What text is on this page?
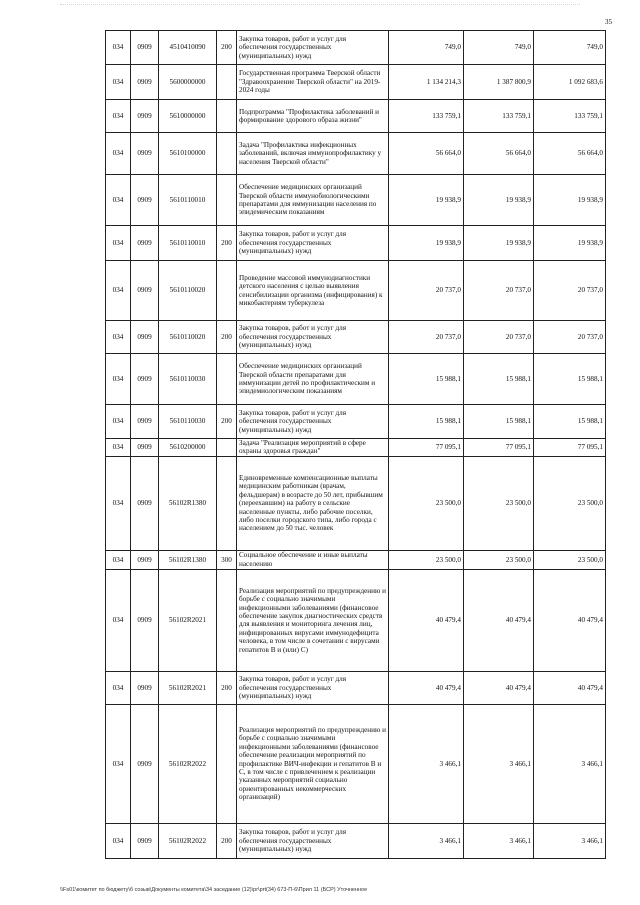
35
034	0909	4510410090	200	Закупка товаров, работ и услуг для обеспечения государственных (муниципальных) нужд	749,0	749,0	749,0
034	0909	5600000000		Государственная программа Тверской области "Здравоохранение Тверской области" на 2019-2024 годы	1 134 214,3	1 387 800,9	1 092 683,6
034	0909	5610000000		Подпрограмма "Профилактика заболеваний и формирование здорового образа жизни"	133 759,1	133 759,1	133 759,1
034	0909	5610100000		Задача "Профилактика инфекционных заболеваний, включая иммунопрофилактику у населения Тверской области"	56 664,0	56 664,0	56 664,0
034	0909	5610110010		Обеспечение медицинских организаций Тверской области иммунобиологическими препаратами для иммунизации населения по эпидемическим показаниям	19 938,9	19 938,9	19 938,9
034	0909	5610110010	200	Закупка товаров, работ и услуг для обеспечения государственных (муниципальных) нужд	19 938,9	19 938,9	19 938,9
034	0909	5610110020		Проведение массовой иммунодиагностики детского населения с целью выявления сенсибилизации организма (инфицирования) к микобактериям туберкулеза	20 737,0	20 737,0	20 737,0
034	0909	5610110020	200	Закупка товаров, работ и услуг для обеспечения государственных (муниципальных) нужд	20 737,0	20 737,0	20 737,0
034	0909	5610110030		Обеспечение медицинских организаций Тверской области препаратами для иммунизации детей по профилактическим и эпидемиологическим показаниям	15 988,1	15 988,1	15 988,1
034	0909	5610110030	200	Закупка товаров, работ и услуг для обеспечения государственных (муниципальных) нужд	15 988,1	15 988,1	15 988,1
034	0909	5610200000		Задача "Реализация мероприятий в сфере охраны здоровья граждан"	77 095,1	77 095,1	77 095,1
034	0909	56102R1380		Единовременные компенсационные выплаты медицинским работникам (врачам, фельдшерам) в возрасте до 50 лет, прибывшим (переехавшим) на работу в сельские населенные пункты, либо рабочие поселки, либо поселки городского типа, либо города с населением до 50 тыс. человек	23 500,0	23 500,0	23 500,0
034	0909	56102R1380	300	Социальное обеспечение и иные выплаты населению	23 500,0	23 500,0	23 500,0
034	0909	56102R2021		Реализация мероприятий по предупреждению и борьбе с социально значимыми инфекционными заболеваниями (финансовое обеспечение закупок диагностических средств для выявления и мониторинга лечения лиц, инфицированных вирусами иммунодефицита человека, в том числе в сочетании с вирусами гепатитов В и (или) С)	40 479,4	40 479,4	40 479,4
034	0909	56102R2021	200	Закупка товаров, работ и услуг для обеспечения государственных (муниципальных) нужд	40 479,4	40 479,4	40 479,4
034	0909	56102R2022		Реализация мероприятий по предупреждению и борьбе с социально значимыми инфекционными заболеваниями (финансовое обеспечение реализации мероприятий по профилактике ВИЧ-инфекции и гепатитов В и С, в том числе с привлечением к реализации указанных мероприятий социально ориентированных некоммерческих организаций)	3 466,1	3 466,1	3 466,1
034	0909	56102R2022	200	Закупка товаров, работ и услуг для обеспечения государственных (муниципальных) нужд	3 466,1	3 466,1	3 466,1
\\Fs01\комитет по бюджету\б созыв\Документы комитета\34 заседание (12)\pr\prt(34) 673-П-6\Прил 11 (БСР) Уточненное
